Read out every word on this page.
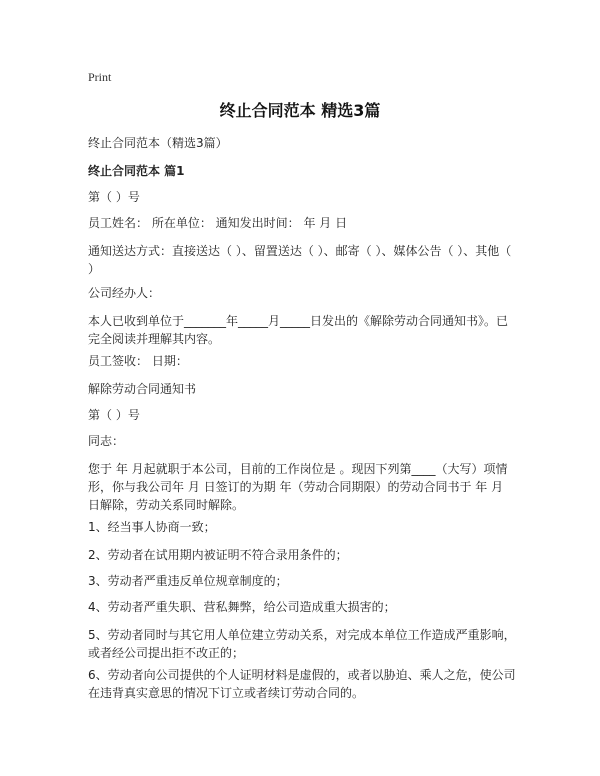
Print
终止合同范本 精选3篇
终止合同范本（精选3篇）
终止合同范本 篇1
第（ ）号
员工姓名： 所在单位： 通知发出时间： 年 月 日
通知送达方式：直接送达（ ）、留置送达（ ）、邮寄（ ）、媒体公告（ ）、其他（ ）
公司经办人：
本人已收到单位于_______年_____月_____日发出的《解除劳动合同通知书》。已完全阅读并理解其内容。
员工签收： 日期：
解除劳动合同通知书
第（ ）号
同志：
您于 年 月起就职于本公司，目前的工作岗位是 。现因下列第____（大写）项情形，你与我公司年 月 日签订的为期 年（劳动合同期限）的劳动合同书于 年 月 日解除，劳动关系同时解除。
1、经当事人协商一致；
2、劳动者在试用期内被证明不符合录用条件的；
3、劳动者严重违反单位规章制度的；
4、劳动者严重失职、营私舞弊，给公司造成重大损害的；
5、劳动者同时与其它用人单位建立劳动关系，对完成本单位工作造成严重影响，或者经公司提出拒不改正的；
6、劳动者向公司提供的个人证明材料是虚假的，或者以胁迫、乘人之危，使公司在违背真实意思的情况下订立或者续订劳动合同的。
